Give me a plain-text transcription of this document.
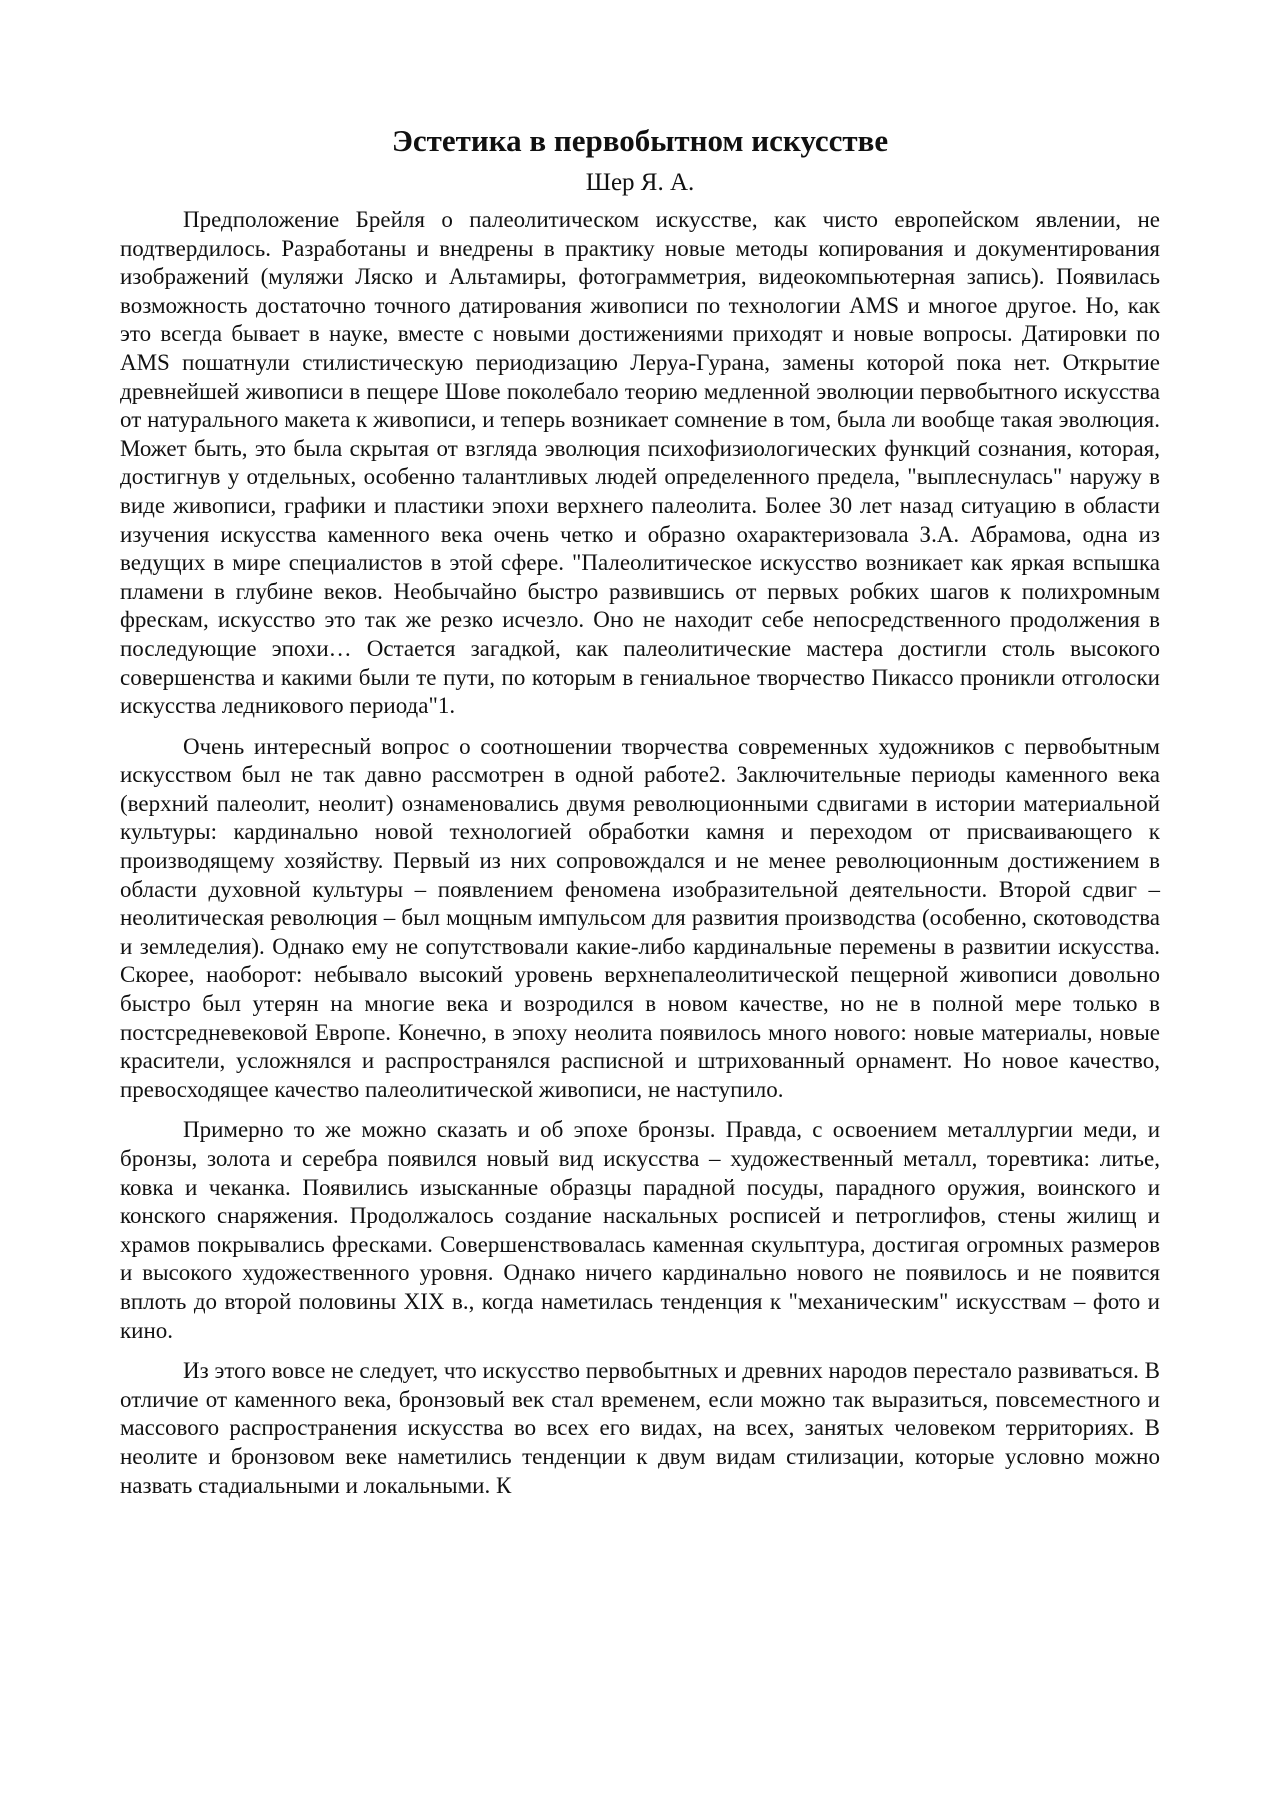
Эстетика в первобытном искусстве
Шер Я. А.

Предположение Брейля о палеолитическом искусстве, как чисто европейском явлении, не подтвердилось. Разработаны и внедрены в практику новые методы копирования и документирования изображений (муляжи Ляско и Альтамиры, фотограмметрия, видеокомпьютерная запись). Появилась возможность достаточно точного датирования живописи по технологии AMS и многое другое. Но, как это всегда бывает в науке, вместе с новыми достижениями приходят и новые вопросы. Датировки по AMS пошатнули стилистическую периодизацию Леруа-Гурана, замены которой пока нет. Открытие древнейшей живописи в пещере Шове поколебало теорию медленной эволюции первобытного искусства от натурального макета к живописи, и теперь возникает сомнение в том, была ли вообще такая эволюция. Может быть, это была скрытая от взгляда эволюция психофизиологических функций сознания, которая, достигнув у отдельных, особенно талантливых людей определенного предела, "выплеснулась" наружу в виде живописи, графики и пластики эпохи верхнего палеолита. Более 30 лет назад ситуацию в области изучения искусства каменного века очень четко и образно охарактеризовала З.А. Абрамова, одна из ведущих в мире специалистов в этой сфере. "Палеолитическое искусство возникает как яркая вспышка пламени в глубине веков. Необычайно быстро развившись от первых робких шагов к полихромным фрескам, искусство это так же резко исчезло. Оно не находит себе непосредственного продолжения в последующие эпохи… Остается загадкой, как палеолитические мастера достигли столь высокого совершенства и какими были те пути, по которым в гениальное творчество Пикассо проникли отголоски искусства ледникового периода"1.

Очень интересный вопрос о соотношении творчества современных художников с первобытным искусством был не так давно рассмотрен в одной работе2. Заключительные периоды каменного века (верхний палеолит, неолит) ознаменовались двумя революционными сдвигами в истории материальной культуры: кардинально новой технологией обработки камня и переходом от присваивающего к производящему хозяйству. Первый из них сопровождался и не менее революционным достижением в области духовной культуры – появлением феномена изобразительной деятельности. Второй сдвиг – неолитическая революция – был мощным импульсом для развития производства (особенно, скотоводства и земледелия). Однако ему не сопутствовали какие-либо кардинальные перемены в развитии искусства. Скорее, наоборот: небывало высокий уровень верхнепалеолитической пещерной живописи довольно быстро был утерян на многие века и возродился в новом качестве, но не в полной мере только в постсредневековой Европе. Конечно, в эпоху неолита появилось много нового: новые материалы, новые красители, усложнялся и распространялся расписной и штрихованный орнамент. Но новое качество, превосходящее качество палеолитической живописи, не наступило.

Примерно то же можно сказать и об эпохе бронзы. Правда, с освоением металлургии меди, и бронзы, золота и серебра появился новый вид искусства – художественный металл, торевтика: литье, ковка и чеканка. Появились изысканные образцы парадной посуды, парадного оружия, воинского и конского снаряжения. Продолжалось создание наскальных росписей и петроглифов, стены жилищ и храмов покрывались фресками. Совершенствовалась каменная скульптура, достигая огромных размеров и высокого художественного уровня. Однако ничего кардинально нового не появилось и не появится вплоть до второй половины XIX в., когда наметилась тенденция к "механическим" искусствам – фото и кино.

Из этого вовсе не следует, что искусство первобытных и древних народов перестало развиваться. В отличие от каменного века, бронзовый век стал временем, если можно так выразиться, повсеместного и массового распространения искусства во всех его видах, на всех, занятых человеком территориях. В неолите и бронзовом веке наметились тенденции к двум видам стилизации, которые условно можно назвать стадиальными и локальными. К
